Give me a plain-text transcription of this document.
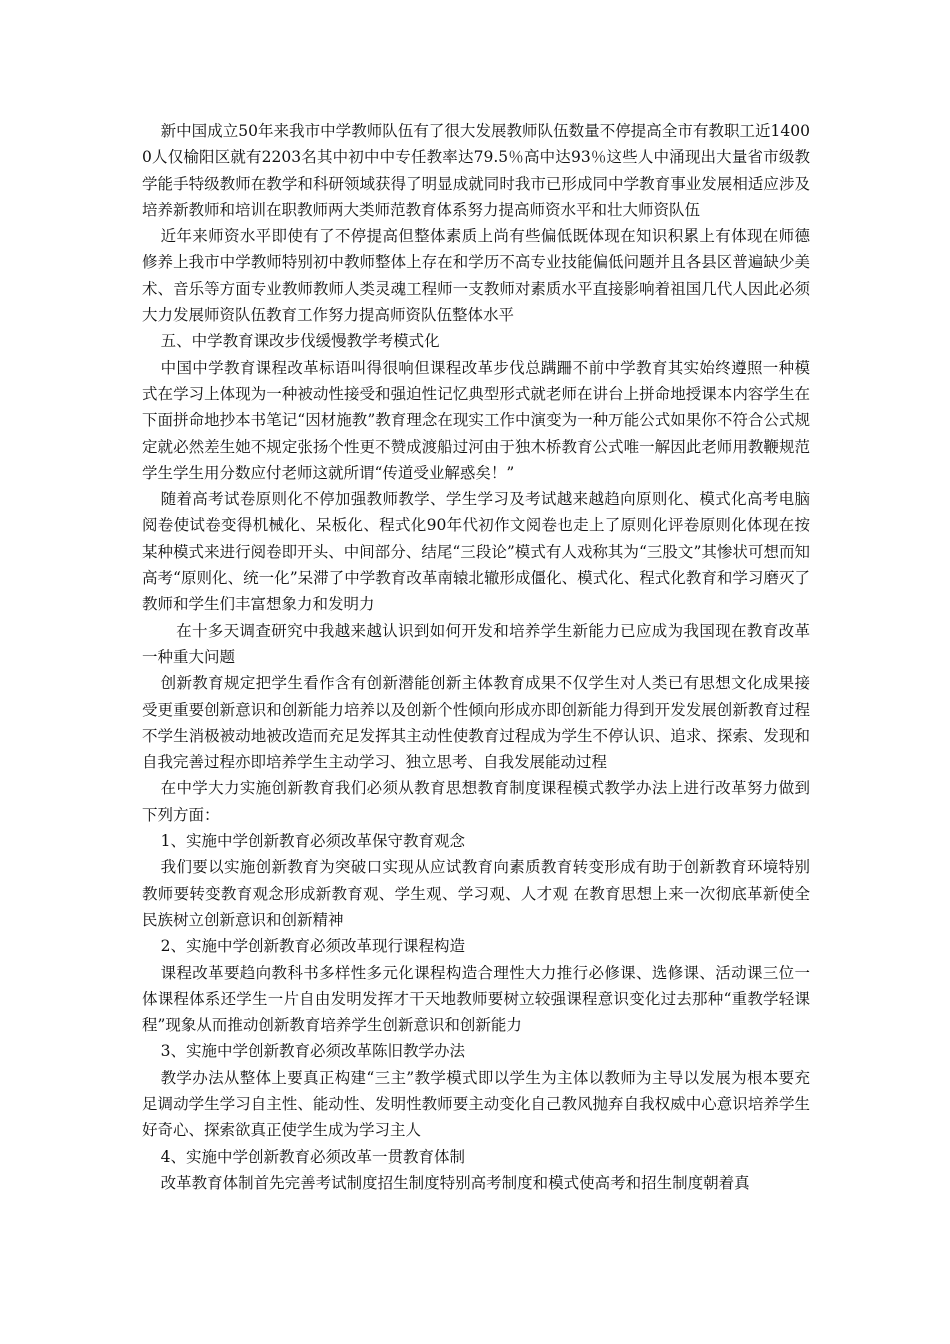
新中国成立50年来我市中学教师队伍有了很大发展教师队伍数量不停提高全市有教职工近14000人仅榆阳区就有2203名其中初中中专任教率达79.5％高中达93％这些人中涌现出大量省市级教学能手特级教师在教学和科研领域获得了明显成就同时我市已形成同中学教育事业发展相适应涉及培养新教师和培训在职教师两大类师范教育体系努力提高师资水平和壮大师资队伍

近年来师资水平即使有了不停提高但整体素质上尚有些偏低既体现在知识积累上有体现在师德修养上我市中学教师特别初中教师整体上存在和学历不高专业技能偏低问题并且各县区普遍缺少美术、音乐等方面专业教师教师人类灵魂工程师一支教师对素质水平直接影响着祖国几代人因此必须大力发展师资队伍教育工作努力提高师资队伍整体水平

五、中学教育课改步伐缓慢教学考模式化

中国中学教育课程改革标语叫得很响但课程改革步伐总蹒跚不前中学教育其实始终遵照一种模式在学习上体现为一种被动性接受和强迫性记忆典型形式就老师在讲台上拼命地授课本内容学生在下面拼命地抄本书笔记“因材施教”教育理念在现实工作中演变为一种万能公式如果你不符合公式规定就必然差生她不规定张扬个性更不赞成渡船过河由于独木桥教育公式唯一解因此老师用教鞭规范学生学生用分数应付老师这就所谓“传道受业解惑矣！”

随着高考试卷原则化不停加强教师教学、学生学习及考试越来越趋向原则化、模式化高考电脑阅卷使试卷变得机械化、呆板化、程式化90年代初作文阅卷也走上了原则化评卷原则化体现在按某种模式来进行阅卷即开头、中间部分、结尾“三段论”模式有人戏称其为“三股文”其惨状可想而知高考“原则化、统一化”呆滞了中学教育改革南辕北辙形成僵化、模式化、程式化教育和学习磨灭了教师和学生们丰富想象力和发明力

在十多天调查研究中我越来越认识到如何开发和培养学生新能力已应成为我国现在教育改革一种重大问题

创新教育规定把学生看作含有创新潜能创新主体教育成果不仅学生对人类已有思想文化成果接受更重要创新意识和创新能力培养以及创新个性倾向形成亦即创新能力得到开发发展创新教育过程不学生消极被动地被改造而充足发挥其主动性使教育过程成为学生不停认识、追求、探索、发现和自我完善过程亦即培养学生主动学习、独立思考、自我发展能动过程

在中学大力实施创新教育我们必须从教育思想教育制度课程模式教学办法上进行改革努力做到下列方面：

1、实施中学创新教育必须改革保守教育观念

我们要以实施创新教育为突破口实现从应试教育向素质教育转变形成有助于创新教育环境特别教师要转变教育观念形成新教育观、学生观、学习观、人才观 在教育思想上来一次彻底革新使全民族树立创新意识和创新精神

2、实施中学创新教育必须改革现行课程构造

课程改革要趋向教科书多样性多元化课程构造合理性大力推行必修课、选修课、活动课三位一体课程体系还学生一片自由发明发挥才干天地教师要树立较强课程意识变化过去那种“重教学轻课程”现象从而推动创新教育培养学生创新意识和创新能力

3、实施中学创新教育必须改革陈旧教学办法

教学办法从整体上要真正构建“三主”教学模式即以学生为主体以教师为主导以发展为根本要充足调动学生学习自主性、能动性、发明性教师要主动变化自己教风抛弃自我权威中心意识培养学生好奇心、探索欲真正使学生成为学习主人

4、实施中学创新教育必须改革一贯教育体制

改革教育体制首先完善考试制度招生制度特别高考制度和模式使高考和招生制度朝着真
